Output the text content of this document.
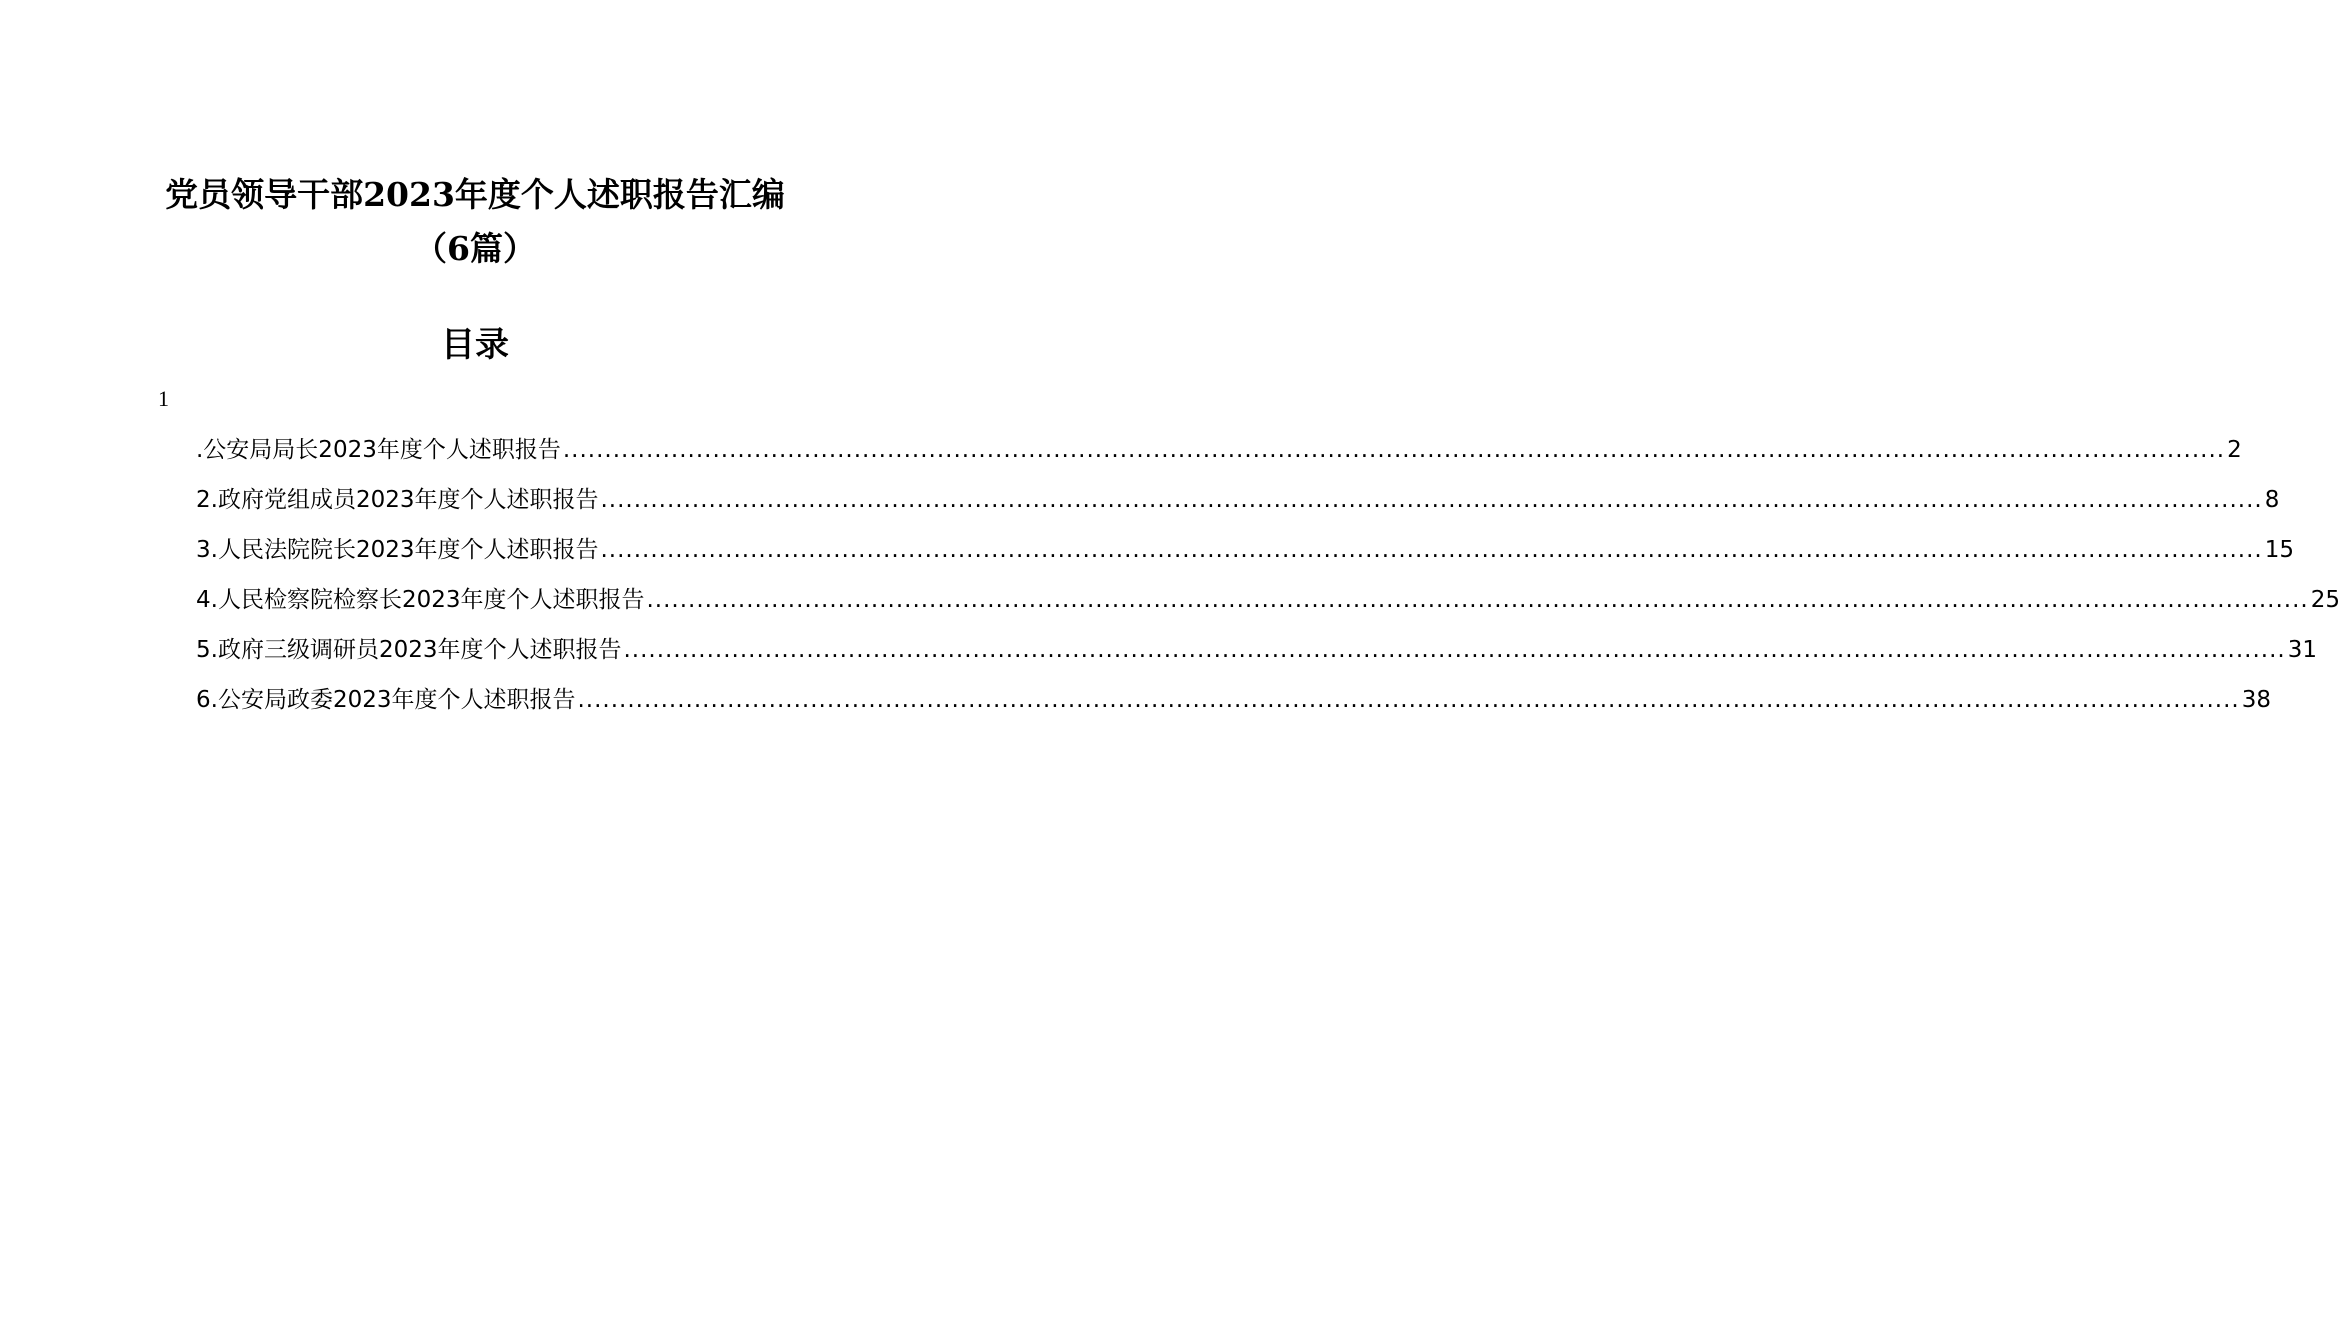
党员领导干部2023年度个人述职报告汇编
（6篇）
目录
1
.公安局局长2023年度个人述职报告 ........................................................................................................................................................................................................ 2
2.政府党组成员2023年度个人述职报告 ........................................................................................................................................................................................................ 8
3.人民法院院长2023年度个人述职报告 ........................................................................................................................................................................................................ 15
4.人民检察院检察长2023年度个人述职报告 ........................................................................................................................................................................................................ 25
5.政府三级调研员2023年度个人述职报告 ........................................................................................................................................................................................................ 31
6.公安局政委2023年度个人述职报告 ........................................................................................................................................................................................................ 38
